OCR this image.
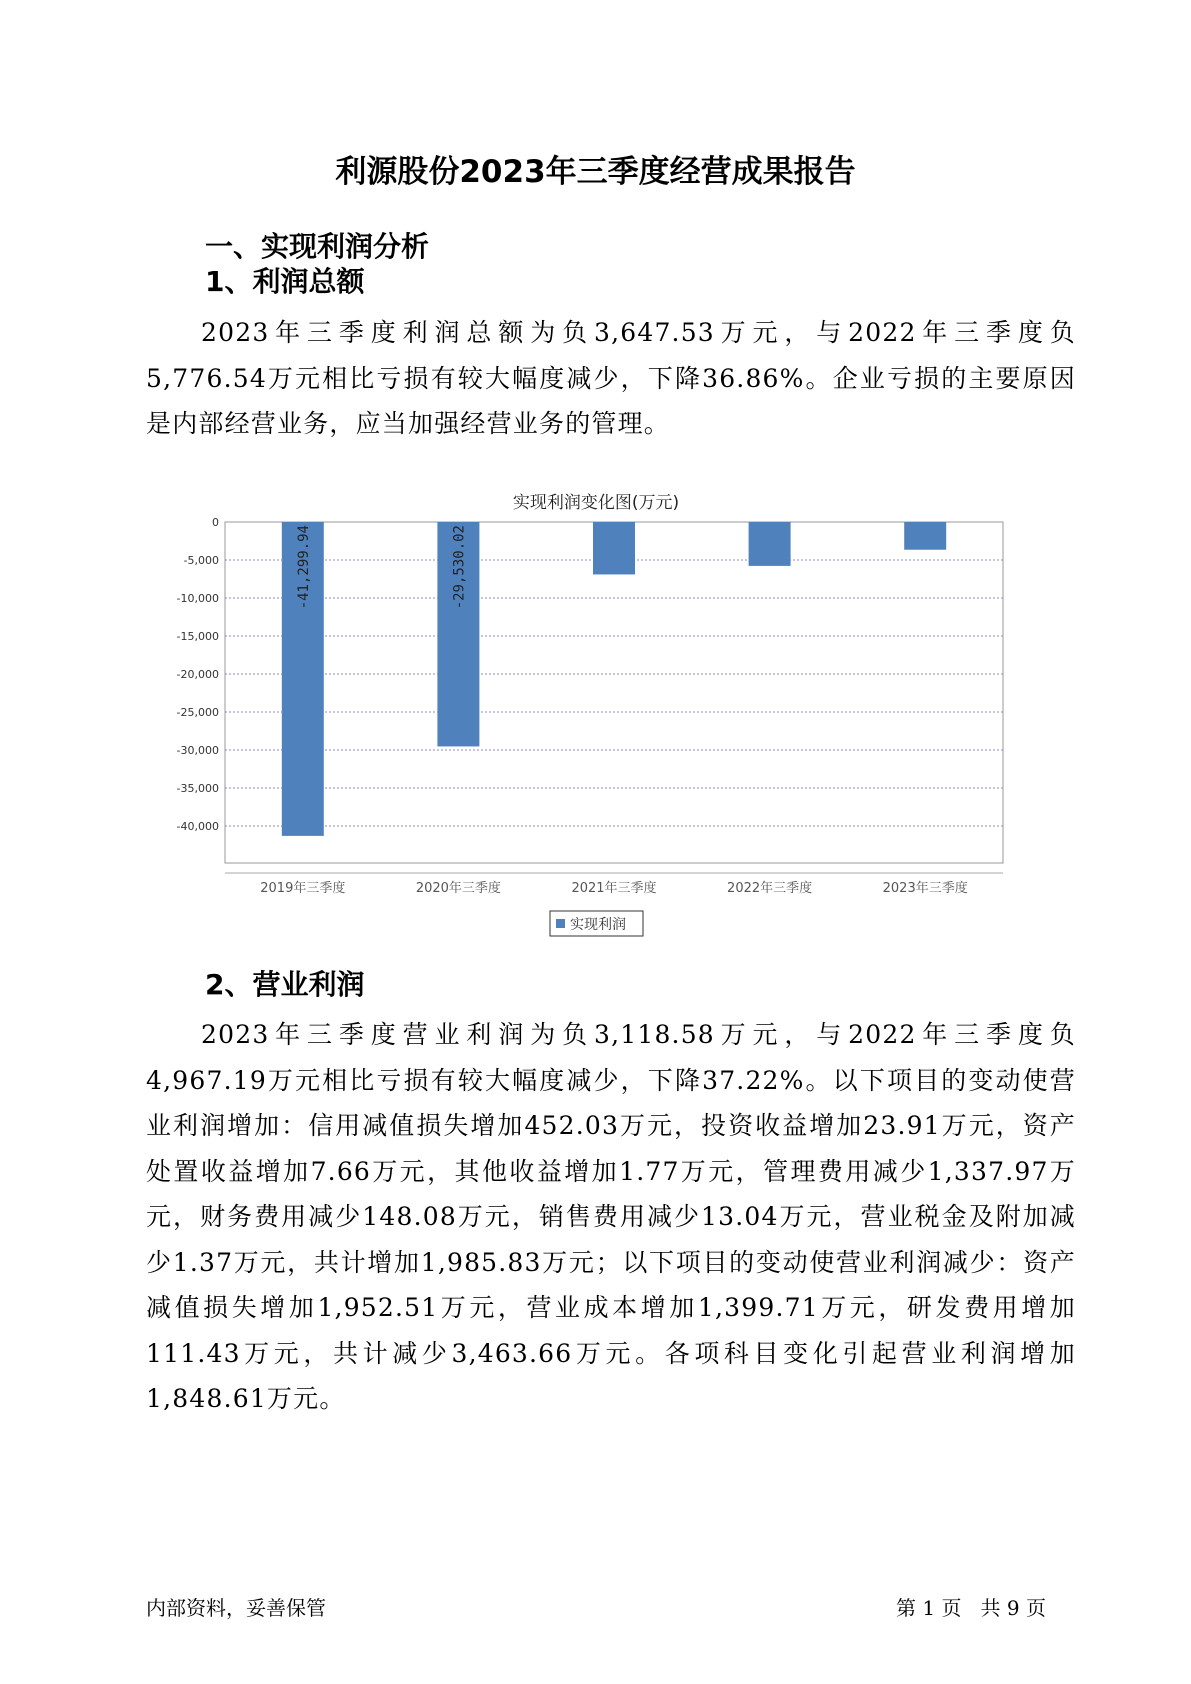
利源股份2023年三季度经营成果报告
一、实现利润分析
1、利润总额

2023年三季度利润总额为负3,647.53万元，与2022年三季度负5,776.54万元相比亏损有较大幅度减少，下降36.86%。企业亏损的主要原因是内部经营业务，应当加强经营业务的管理。

实现利润变化图(万元)
0
-5,000
-10,000
-15,000
-20,000
-25,000
-30,000
-35,000
-40,000
-41,299.94	-29,530.02
2019年三季度	2020年三季度	2021年三季度	2022年三季度	2023年三季度
实现利润
2、营业利润

2023年三季度营业利润为负3,118.58万元，与2022年三季度负4,967.19万元相比亏损有较大幅度减少，下降37.22%。以下项目的变动使营业利润增加：信用减值损失增加452.03万元，投资收益增加23.91万元，资产处置收益增加7.66万元，其他收益增加1.77万元，管理费用减少1,337.97万元，财务费用减少148.08万元，销售费用减少13.04万元，营业税金及附加减少1.37万元，共计增加1,985.83万元；以下项目的变动使营业利润减少：资产减值损失增加1,952.51万元，营业成本增加1,399.71万元，研发费用增加111.43万元，共计减少3,463.66万元。各项科目变化引起营业利润增加1,848.61万元。

内部资料，妥善保管	第 1 页   共 9 页
